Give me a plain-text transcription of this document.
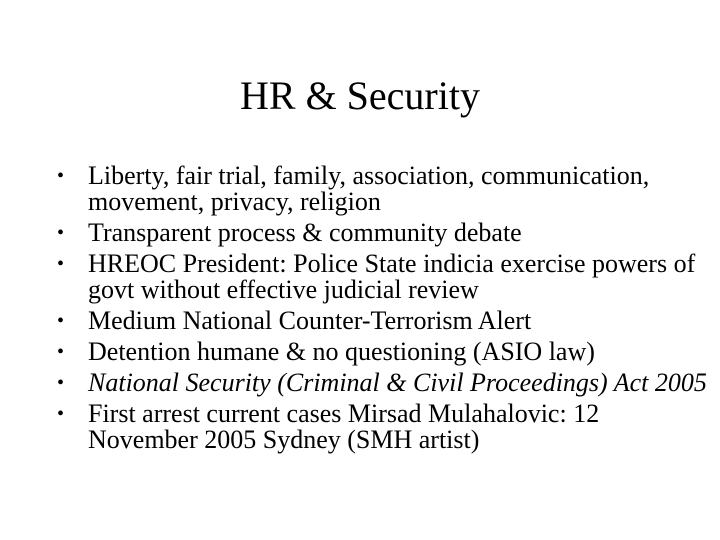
HR & Security
• Liberty, fair trial, family, association, communication, movement, privacy, religion
• Transparent process & community debate
• HREOC President: Police State indicia exercise powers of govt without effective judicial review
• Medium National Counter-Terrorism Alert
• Detention humane & no questioning (ASIO law)
• National Security (Criminal & Civil Proceedings) Act 2005
• First arrest current cases Mirsad Mulahalovic: 12 November 2005 Sydney (SMH artist)
